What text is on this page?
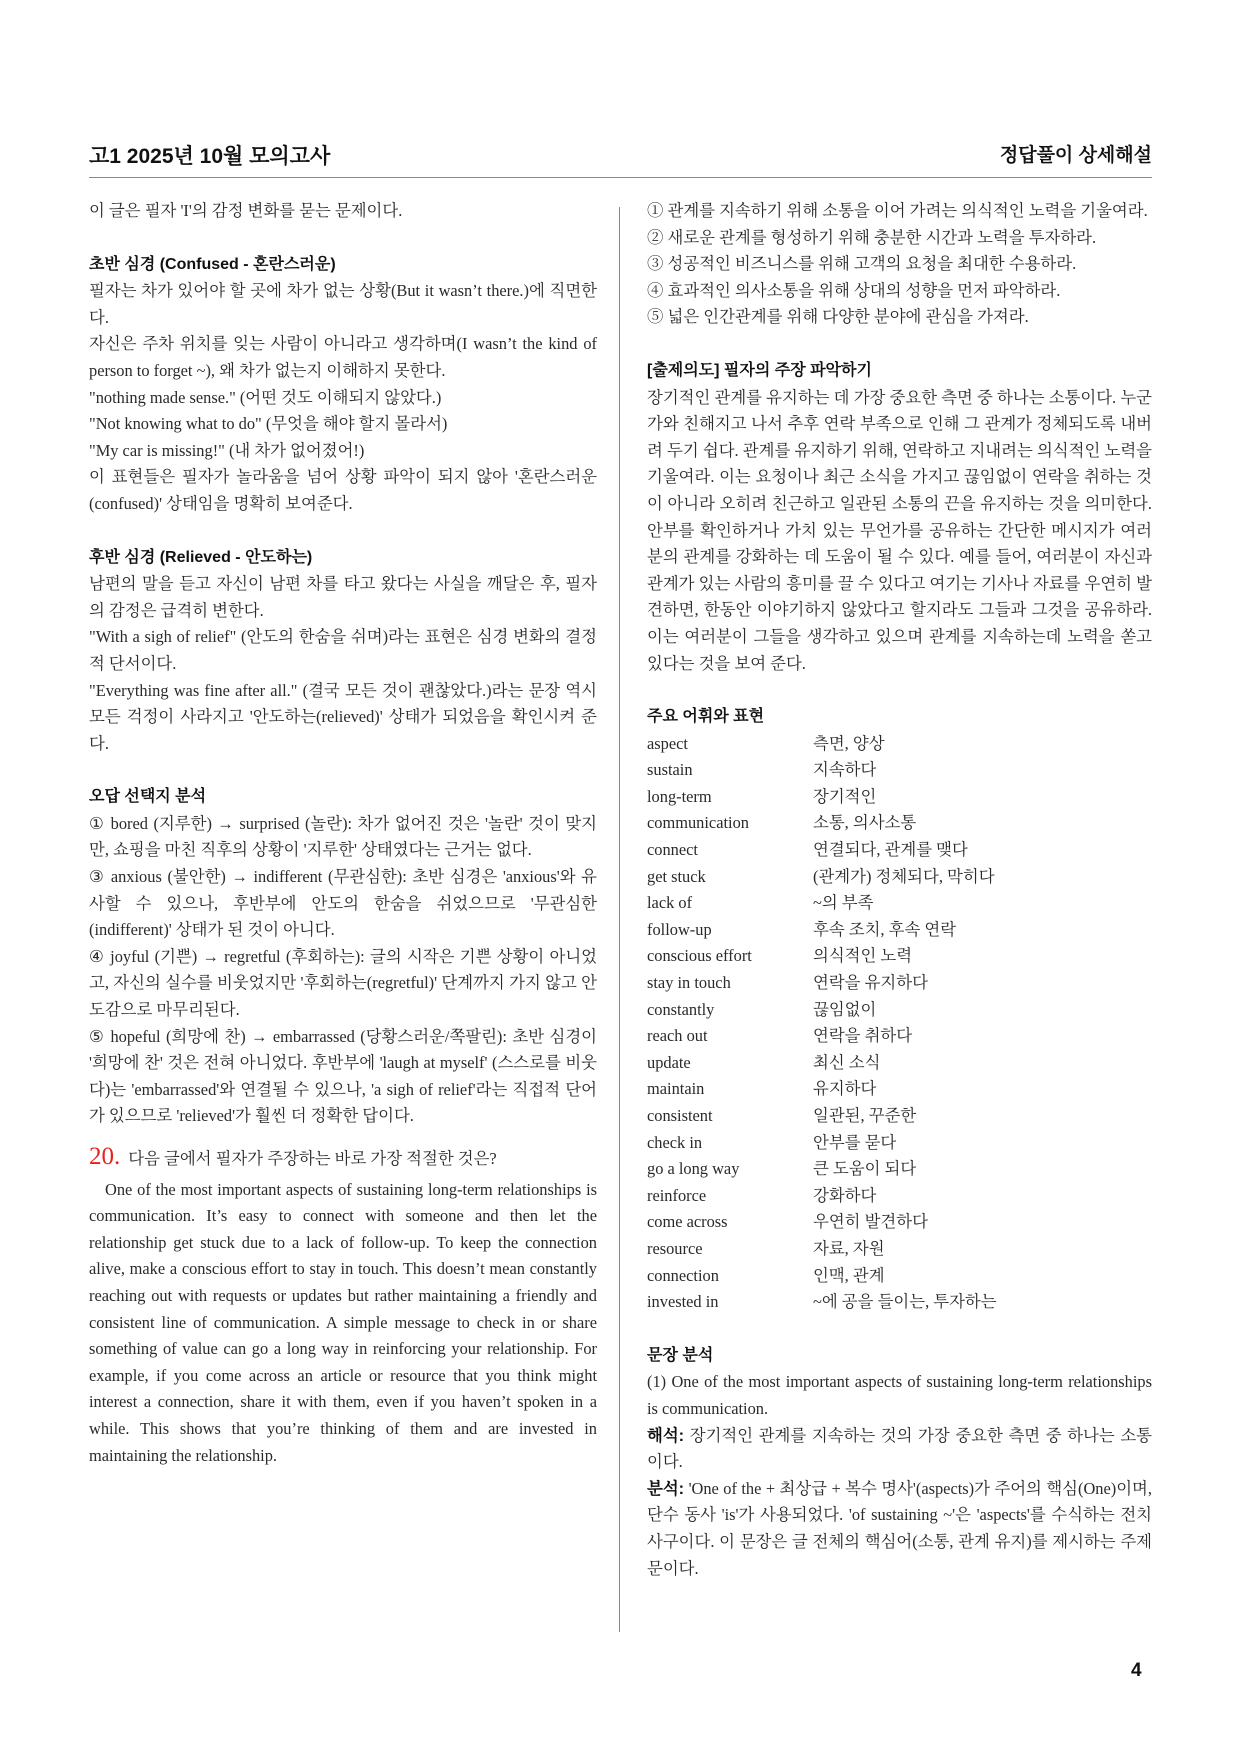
고1 2025년 10월 모의고사	정답풀이 상세해설

이 글은 필자 'I'의 감정 변화를 묻는 문제이다.

초반 심경 (Confused - 혼란스러운)

필자는 차가 있어야 할 곳에 차가 없는 상황(But it wasn’t there.)에 직면한다.

자신은 주차 위치를 잊는 사람이 아니라고 생각하며(I wasn’t the kind of person to forget ~), 왜 차가 없는지 이해하지 못한다.

"nothing made sense." (어떤 것도 이해되지 않았다.)

"Not knowing what to do" (무엇을 해야 할지 몰라서)

"My car is missing!" (내 차가 없어졌어!)

이 표현들은 필자가 놀라움을 넘어 상황 파악이 되지 않아 '혼란스러운(confused)' 상태임을 명확히 보여준다.

후반 심경 (Relieved - 안도하는)

남편의 말을 듣고 자신이 남편 차를 타고 왔다는 사실을 깨달은 후, 필자의 감정은 급격히 변한다.

"With a sigh of relief" (안도의 한숨을 쉬며)라는 표현은 심경 변화의 결정적 단서이다.

"Everything was fine after all." (결국 모든 것이 괜찮았다.)라는 문장 역시 모든 걱정이 사라지고 '안도하는(relieved)' 상태가 되었음을 확인시켜 준다.

오답 선택지 분석

① bored (지루한) → surprised (놀란): 차가 없어진 것은 '놀란' 것이 맞지만, 쇼핑을 마친 직후의 상황이 '지루한' 상태였다는 근거는 없다.

③ anxious (불안한) → indifferent (무관심한): 초반 심경은 'anxious'와 유사할 수 있으나, 후반부에 안도의 한숨을 쉬었으므로 '무관심한(indifferent)' 상태가 된 것이 아니다.

④ joyful (기쁜) → regretful (후회하는): 글의 시작은 기쁜 상황이 아니었고, 자신의 실수를 비웃었지만 '후회하는(regretful)' 단계까지 가지 않고 안도감으로 마무리된다.

⑤ hopeful (희망에 찬) → embarrassed (당황스러운/쪽팔린): 초반 심경이 '희망에 찬' 것은 전혀 아니었다. 후반부에 'laugh at myself' (스스로를 비웃다)는 'embarrassed'와 연결될 수 있으나, 'a sigh of relief'라는 직접적 단어가 있으므로 'relieved'가 훨씬 더 정확한 답이다.

20. 다음 글에서 필자가 주장하는 바로 가장 적절한 것은?

One of the most important aspects of sustaining long‑term relationships is communication. It’s easy to connect with someone and then let the relationship get stuck due to a lack of follow‑up. To keep the connection alive, make a conscious effort to stay in touch. This doesn’t mean constantly reaching out with requests or updates but rather maintaining a friendly and consistent line of communication. A simple message to check in or share something of value can go a long way in reinforcing your relationship. For example, if you come across an article or resource that you think might interest a connection, share it with them, even if you haven’t spoken in a while. This shows that you’re thinking of them and are invested in maintaining the relationship.

① 관계를 지속하기 위해 소통을 이어 가려는 의식적인 노력을 기울여라.

② 새로운 관계를 형성하기 위해 충분한 시간과 노력을 투자하라.

③ 성공적인 비즈니스를 위해 고객의 요청을 최대한 수용하라.

④ 효과적인 의사소통을 위해 상대의 성향을 먼저 파악하라.

⑤ 넓은 인간관계를 위해 다양한 분야에 관심을 가져라.

[출제의도] 필자의 주장 파악하기

장기적인 관계를 유지하는 데 가장 중요한 측면 중 하나는 소통이다. 누군가와 친해지고 나서 추후 연락 부족으로 인해 그 관계가 정체되도록 내버려 두기 쉽다. 관계를 유지하기 위해, 연락하고 지내려는 의식적인 노력을 기울여라. 이는 요청이나 최근 소식을 가지고 끊임없이 연락을 취하는 것이 아니라 오히려 친근하고 일관된 소통의 끈을 유지하는 것을 의미한다. 안부를 확인하거나 가치 있는 무언가를 공유하는 간단한 메시지가 여러분의 관계를 강화하는 데 도움이 될 수 있다. 예를 들어, 여러분이 자신과 관계가 있는 사람의 흥미를 끌 수 있다고 여기는 기사나 자료를 우연히 발견하면, 한동안 이야기하지 않았다고 할지라도 그들과 그것을 공유하라. 이는 여러분이 그들을 생각하고 있으며 관계를 지속하는데 노력을 쏟고 있다는 것을 보여 준다.

주요 어휘와 표현
aspect	측면, 양상
sustain	지속하다
long-term	장기적인
communication	소통, 의사소통
connect	연결되다, 관계를 맺다
get stuck	(관계가) 정체되다, 막히다
lack of	~의 부족
follow-up	후속 조치, 후속 연락
conscious effort	의식적인 노력
stay in touch	연락을 유지하다
constantly	끊임없이
reach out	연락을 취하다
update	최신 소식
maintain	유지하다
consistent	일관된, 꾸준한
check in	안부를 묻다
go a long way	큰 도움이 되다
reinforce	강화하다
come across	우연히 발견하다
resource	자료, 자원
connection	인맥, 관계
invested in	~에 공을 들이는, 투자하는
문장 분석

(1) One of the most important aspects of sustaining long‑term relationships is communication.

해석: 장기적인 관계를 지속하는 것의 가장 중요한 측면 중 하나는 소통이다.

분석: 'One of the + 최상급 + 복수 명사'(aspects)가 주어의 핵심(One)이며, 단수 동사 'is'가 사용되었다. 'of sustaining ~'은 'aspects'를 수식하는 전치사구이다. 이 문장은 글 전체의 핵심어(소통, 관계 유지)를 제시하는 주제문이다.

4
